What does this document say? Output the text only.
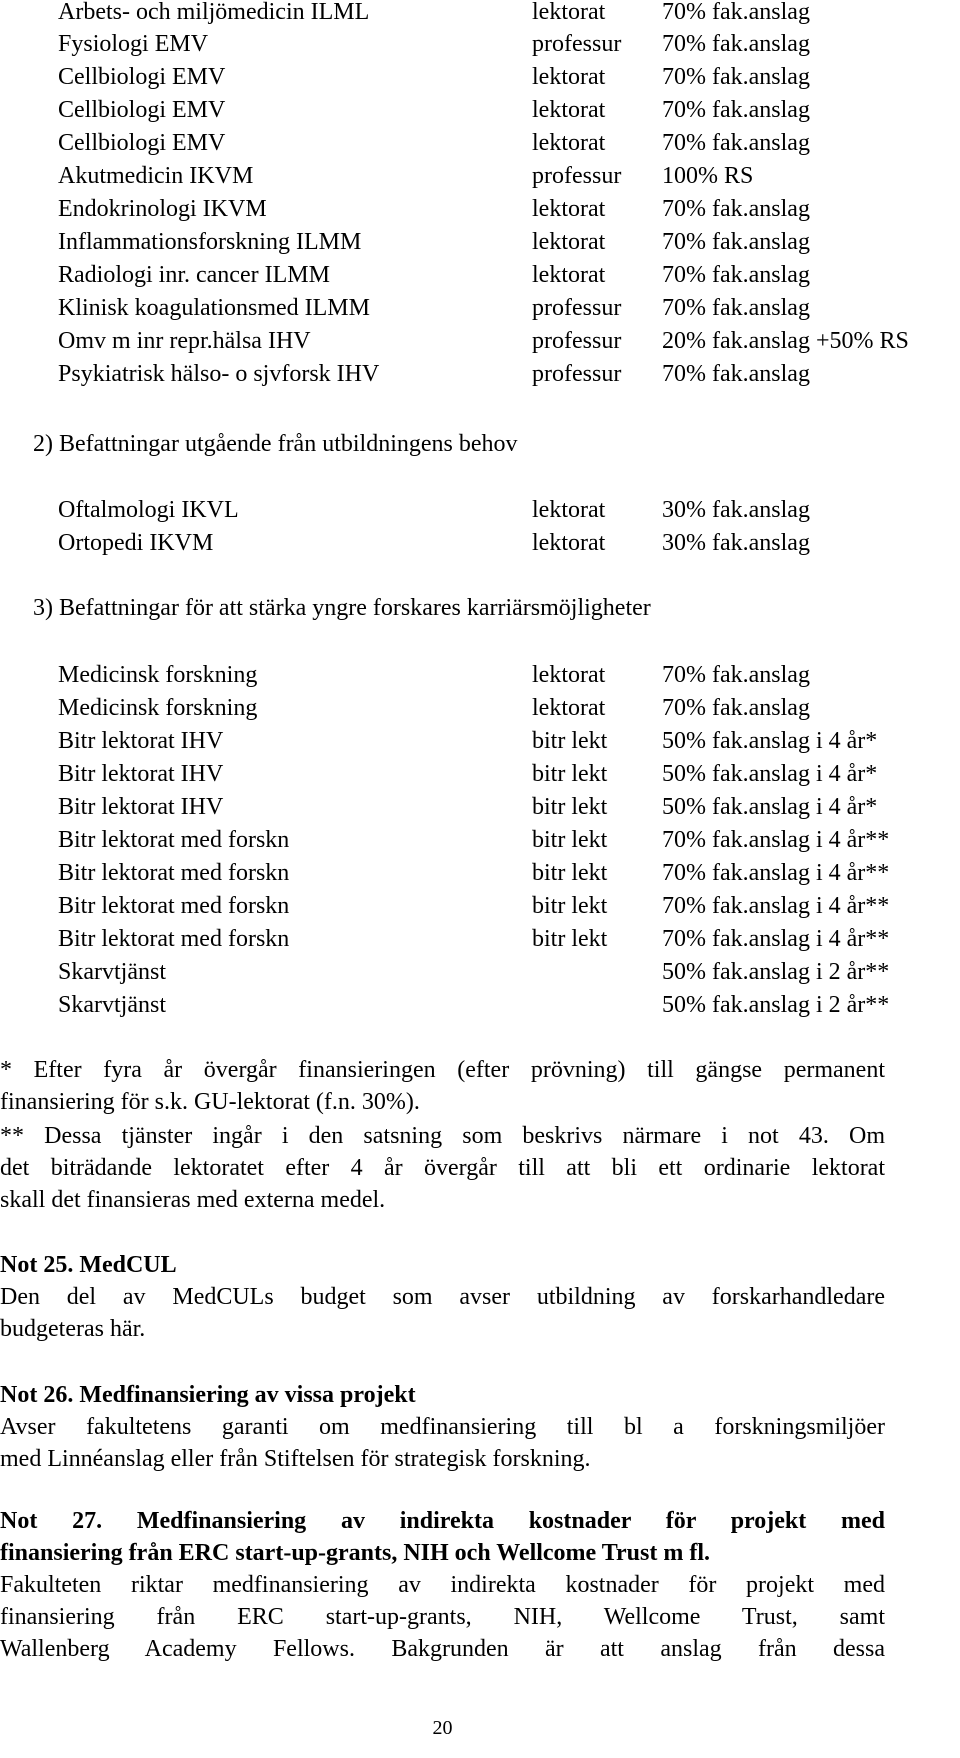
Arbets- och miljömedicin ILML	lektorat 70% fak.anslag
Fysiologi EMV	professur 70% fak.anslag
Cellbiologi EMV	lektorat 70% fak.anslag
Cellbiologi EMV	lektorat 70% fak.anslag
Cellbiologi EMV	lektorat 70% fak.anslag
Akutmedicin IKVM	professur 100% RS
Endokrinologi IKVM	lektorat 70% fak.anslag
Inflammationsforskning ILMM	lektorat 70% fak.anslag
Radiologi inr. cancer ILMM	lektorat 70% fak.anslag
Klinisk koagulationsmed ILMM	professur 70% fak.anslag
Omv m inr repr.hälsa IHV	professur 20% fak.anslag +50% RS
Psykiatrisk hälso- o sjvforsk IHV	professur 70% fak.anslag
2) Befattningar utgående från utbildningens behov
Oftalmologi IKVL	lektorat 30% fak.anslag
Ortopedi IKVM	lektorat 30% fak.anslag
3) Befattningar för att stärka yngre forskares karriärsmöjligheter
Medicinsk forskning	lektorat 70% fak.anslag
Medicinsk forskning	lektorat 70% fak.anslag
Bitr lektorat IHV	bitr lekt 50% fak.anslag i 4 år*
Bitr lektorat IHV	bitr lekt 50% fak.anslag i 4 år*
Bitr lektorat IHV	bitr lekt 50% fak.anslag i 4 år*
Bitr lektorat med forskn	bitr lekt 70% fak.anslag i 4 år**
Bitr lektorat med forskn	bitr lekt 70% fak.anslag i 4 år**
Bitr lektorat med forskn	bitr lekt 70% fak.anslag i 4 år**
Bitr lektorat med forskn	bitr lekt 70% fak.anslag i 4 år**
Skarvtjänst	50% fak.anslag i 2 år**
Skarvtjänst	50% fak.anslag i 2 år**

* Efter fyra år övergår finansieringen (efter prövning) till gängse permanent

finansiering för s.k. GU-lektorat (f.n. 30%).

** Dessa tjänster ingår i den satsning som beskrivs närmare i not 43. Om

det biträdande lektoratet efter 4 år övergår till att bli ett ordinarie lektorat

skall det finansieras med externa medel.

Not 25. MedCUL

Den del av MedCULs budget som avser utbildning av forskarhandledare

budgeteras här.

Not 26. Medfinansiering av vissa projekt

Avser fakultetens garanti om medfinansiering till bl a forskningsmiljöer

med Linnéanslag eller från Stiftelsen för strategisk forskning.

Not 27. Medfinansiering av indirekta kostnader för projekt med

finansiering från ERC start-up-grants, NIH och Wellcome Trust m fl.

Fakulteten riktar medfinansiering av indirekta kostnader för projekt med

finansiering från ERC start-up-grants, NIH, Wellcome Trust, samt

Wallenberg Academy Fellows. Bakgrunden är att anslag från dessa

20
